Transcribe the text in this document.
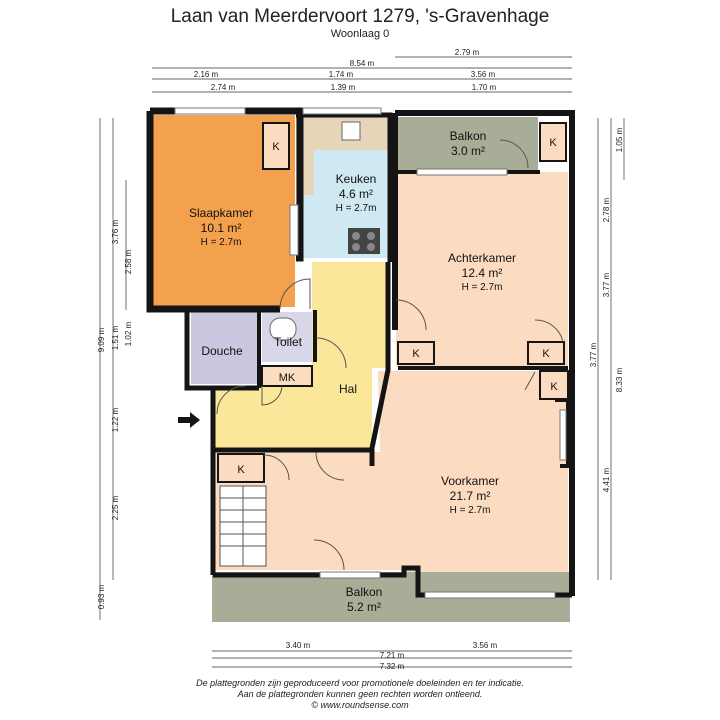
Laan van Meerdervoort 1279, 's-Gravenhage
Woonlaag 0
Slaapkamer
10.1 m²
H = 2.7m
Keuken
4.6 m²
H = 2.7m
Balkon
3.0 m²
Achterkamer
12.4 m²
H = 2.7m
Douche
Toilet
MK
Hal
Voorkamer
21.7 m²
H = 2.7m
Balkon
5.2 m²
K	K
K	K
K
K
2.79 m
8.54 m
2.16 m	1.74 m	3.56 m
2.74 m	1.39 m	1.70 m
3.76 m
2.58 m
9.09 m 1.51 m 1.02 m
1.22 m
2.25 m
0.93 m
1.05 m
2.78 m
3.77 m
3.77 m
8.33 m
4.41 m
3.40 m	3.56 m
7.21 m
7.32 m
De plattegronden zijn geproduceerd voor promotionele doeleinden en ter indicatie.
Aan de plattegronden kunnen geen rechten worden ontleend.
© www.roundsense.com
